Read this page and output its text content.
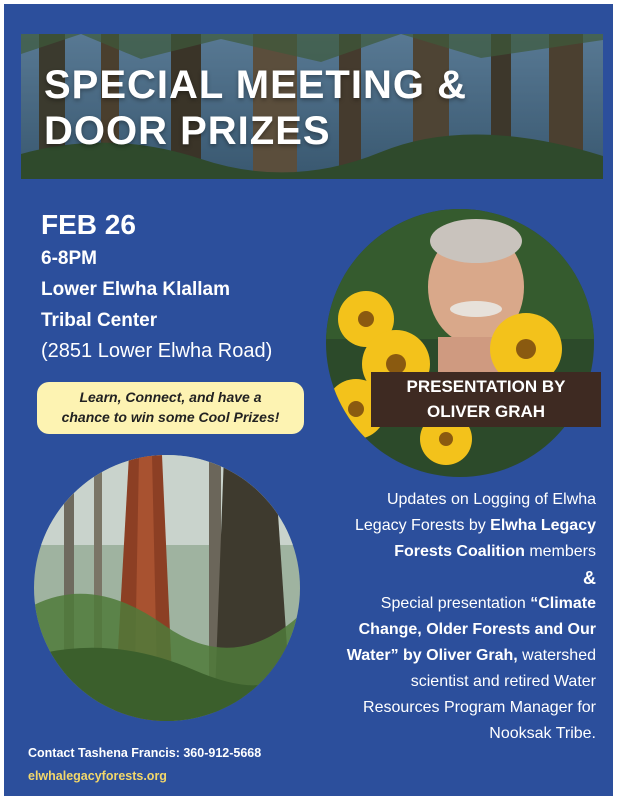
SPECIAL MEETING &
DOOR PRIZES
FEB 26
6-8PM
Lower Elwha Klallam
Tribal Center
(2851 Lower Elwha Road)
Learn, Connect, and have a
chance to win some Cool Prizes!
PRESENTATION BY
OLIVER GRAH
Updates on Logging of Elwha
Legacy Forests by Elwha Legacy
Forests Coalition members
&
Special presentation “Climate
Change, Older Forests and Our
Water” by Oliver Grah, watershed
scientist and retired Water
Resources Program Manager for
Nooksak Tribe.
Contact Tashena Francis: 360-912-5668
elwhalegacyforests.org
